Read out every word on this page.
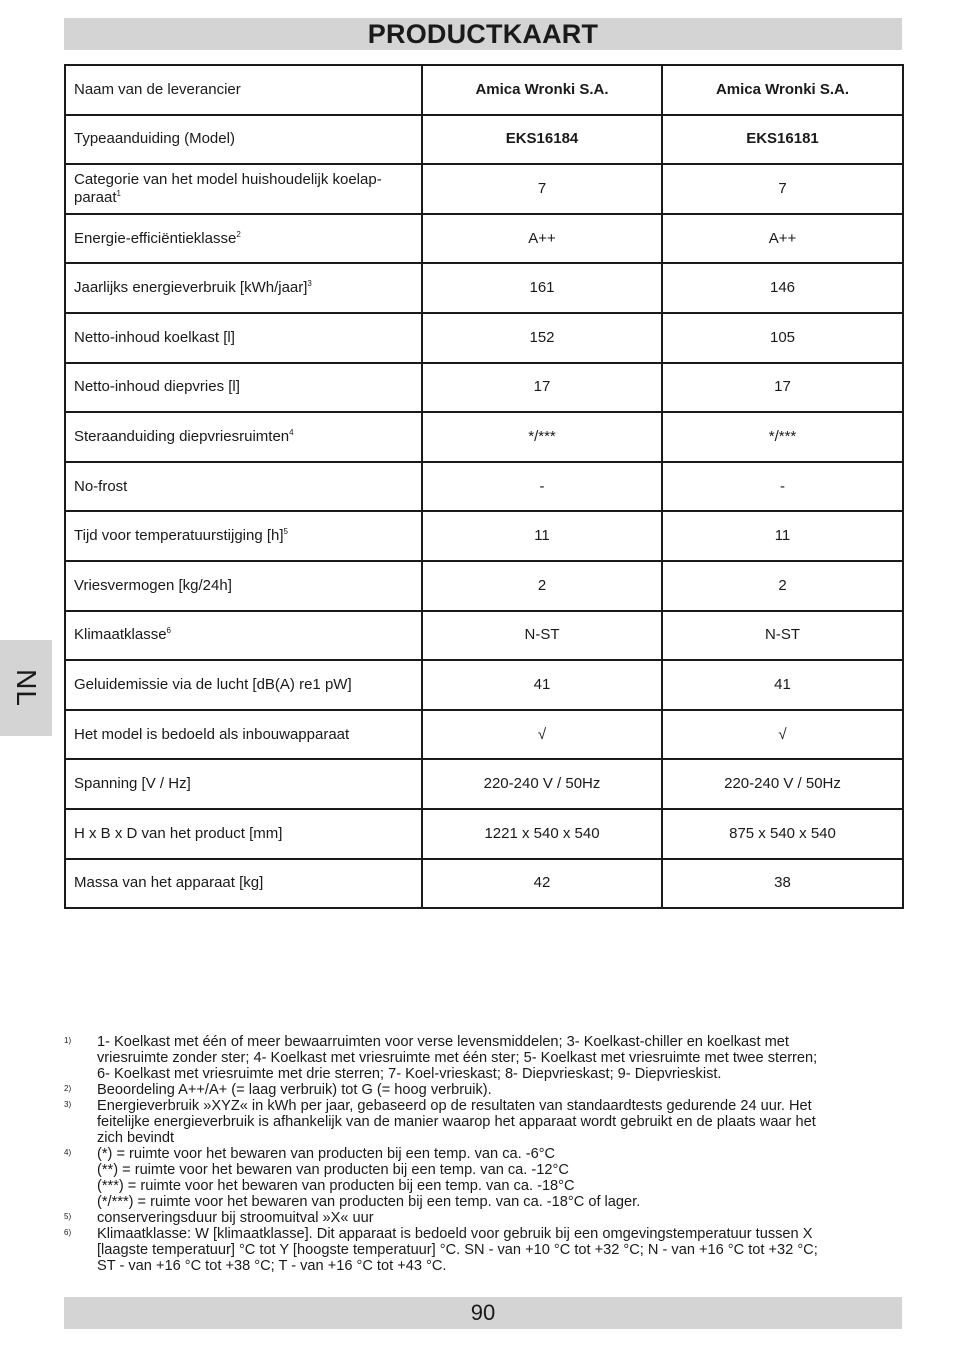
PRODUCTKAART
Naam van de leverancier	Amica Wronki S.A.	Amica Wronki S.A.
Typeaanduiding (Model)	EKS16184	EKS16181
Categorie van het model huishoudelijk koelap-paraat$^1$	7	7
Energie-efficiëntieklasse$^2$	A++	A++
Jaarlijks energieverbruik [kWh/jaar]$^3$	161	146
Netto-inhoud koelkast [l]	152	105
Netto-inhoud diepvries [l]	17	17
Steraanduiding diepvriesruimten$^4$	*/***	*/***
No-frost	-	-
Tijd voor temperatuurstijging $[h]^5$	11	11
Vriesvermogen [kg/24h]	2	2
Klimaatklasse$^6$	N-ST	N-ST
Geluidemissie via de lucht [dB(A) re1 pW]	41	41
Het model is bedoeld als inbouwapparaat	√	√
Spanning [V / Hz]	220-240 V / 50Hz	220-240 V / 50Hz
H x B x D van het product [mm]	1221 x 540 x 540	875 x 540 x 540
Massa van het apparaat [kg]	42	38
NL
1)	1- Koelkast met één of meer bewaarruimten voor verse levensmiddelen; 3- Koelkast-chiller en koelkast met
vriesruimte zonder ster; 4- Koelkast met vriesruimte met één ster; 5- Koelkast met vriesruimte met twee sterren;
6- Koelkast met vriesruimte met drie sterren; 7- Koel-vrieskast; 8- Diepvrieskast; 9- Diepvrieskist.
2)	Beoordeling A++/A+ (= laag verbruik) tot G (= hoog verbruik).
3)	Energieverbruik »XYZ« in kWh per jaar, gebaseerd op de resultaten van standaardtests gedurende 24 uur. Het
feitelijke energieverbruik is afhankelijk van de manier waarop het apparaat wordt gebruikt en de plaats waar het
zich bevindt
4)	(*) = ruimte voor het bewaren van producten bij een temp. van ca. -6°C
(**) = ruimte voor het bewaren van producten bij een temp. van ca. -12°C
(***) = ruimte voor het bewaren van producten bij een temp. van ca. -18°C
(*/***) = ruimte voor het bewaren van producten bij een temp. van ca. -18°C of lager.
5)	conserveringsduur bij stroomuitval »X« uur
6)	Klimaatklasse: W [klimaatklasse]. Dit apparaat is bedoeld voor gebruik bij een omgevingstemperatuur tussen X
[laagste temperatuur] °C tot Y [hoogste temperatuur] °C. SN - van +10 °C tot +32 °C; N - van +16 °C tot +32 °C;
ST - van +16 °C tot +38 °C; T - van +16 °C tot +43 °C.
90
